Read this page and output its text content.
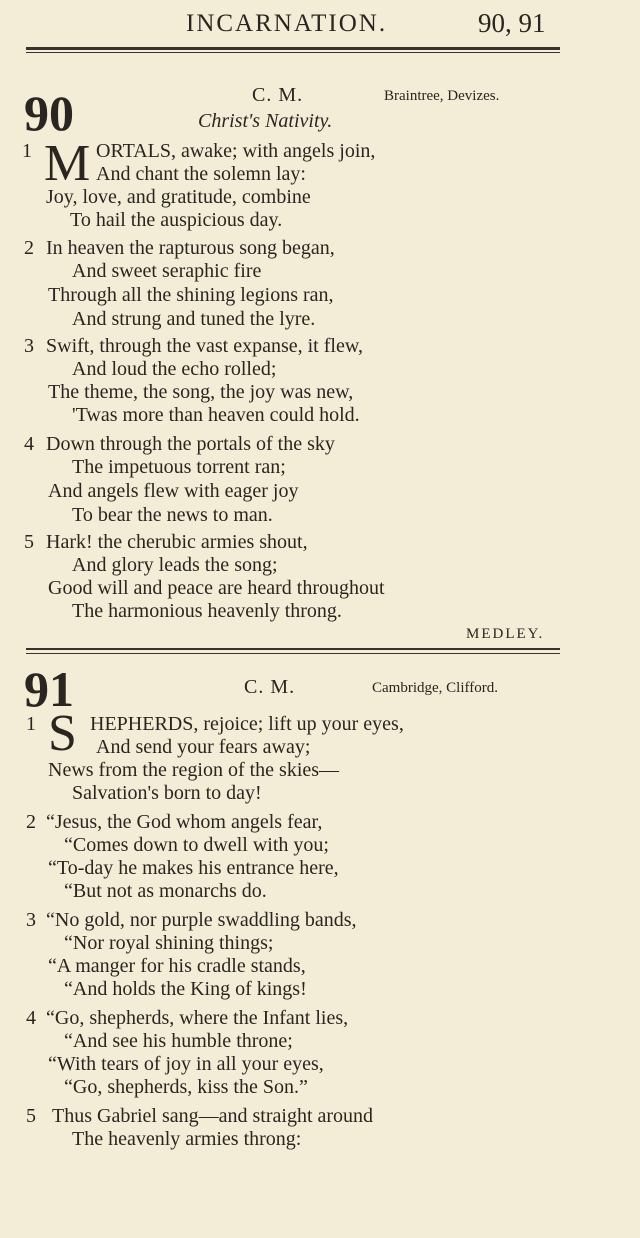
INCARNATION.	90, 91
90	C. M.	Braintree, Devizes.
Christ's Nativity.
1 M ORTALS, awake; with angels join,
And chant the solemn lay:
Joy, love, and gratitude, combine
To hail the auspicious day.
2 In heaven the rapturous song began,
And sweet seraphic fire
Through all the shining legions ran,
And strung and tuned the lyre.
3 Swift, through the vast expanse, it flew,
And loud the echo rolled;
The theme, the song, the joy was new,
'Twas more than heaven could hold.
4 Down through the portals of the sky
The impetuous torrent ran;
And angels flew with eager joy
To bear the news to man.
5 Hark! the cherubic armies shout,
And glory leads the song;
Good will and peace are heard throughout
The harmonious heavenly throng.
MEDLEY.
91	C. M.	Cambridge, Clifford.
1 S HEPHERDS, rejoice; lift up your eyes,
And send your fears away;
News from the region of the skies—
Salvation's born to day!
2 “Jesus, the God whom angels fear,
“Comes down to dwell with you;
“To-day he makes his entrance here,
“But not as monarchs do.
3 “No gold, nor purple swaddling bands,
“Nor royal shining things;
“A manger for his cradle stands,
“And holds the King of kings!
4 “Go, shepherds, where the Infant lies,
“And see his humble throne;
“With tears of joy in all your eyes,
“Go, shepherds, kiss the Son.”
5 Thus Gabriel sang—and straight around
The heavenly armies throng:
